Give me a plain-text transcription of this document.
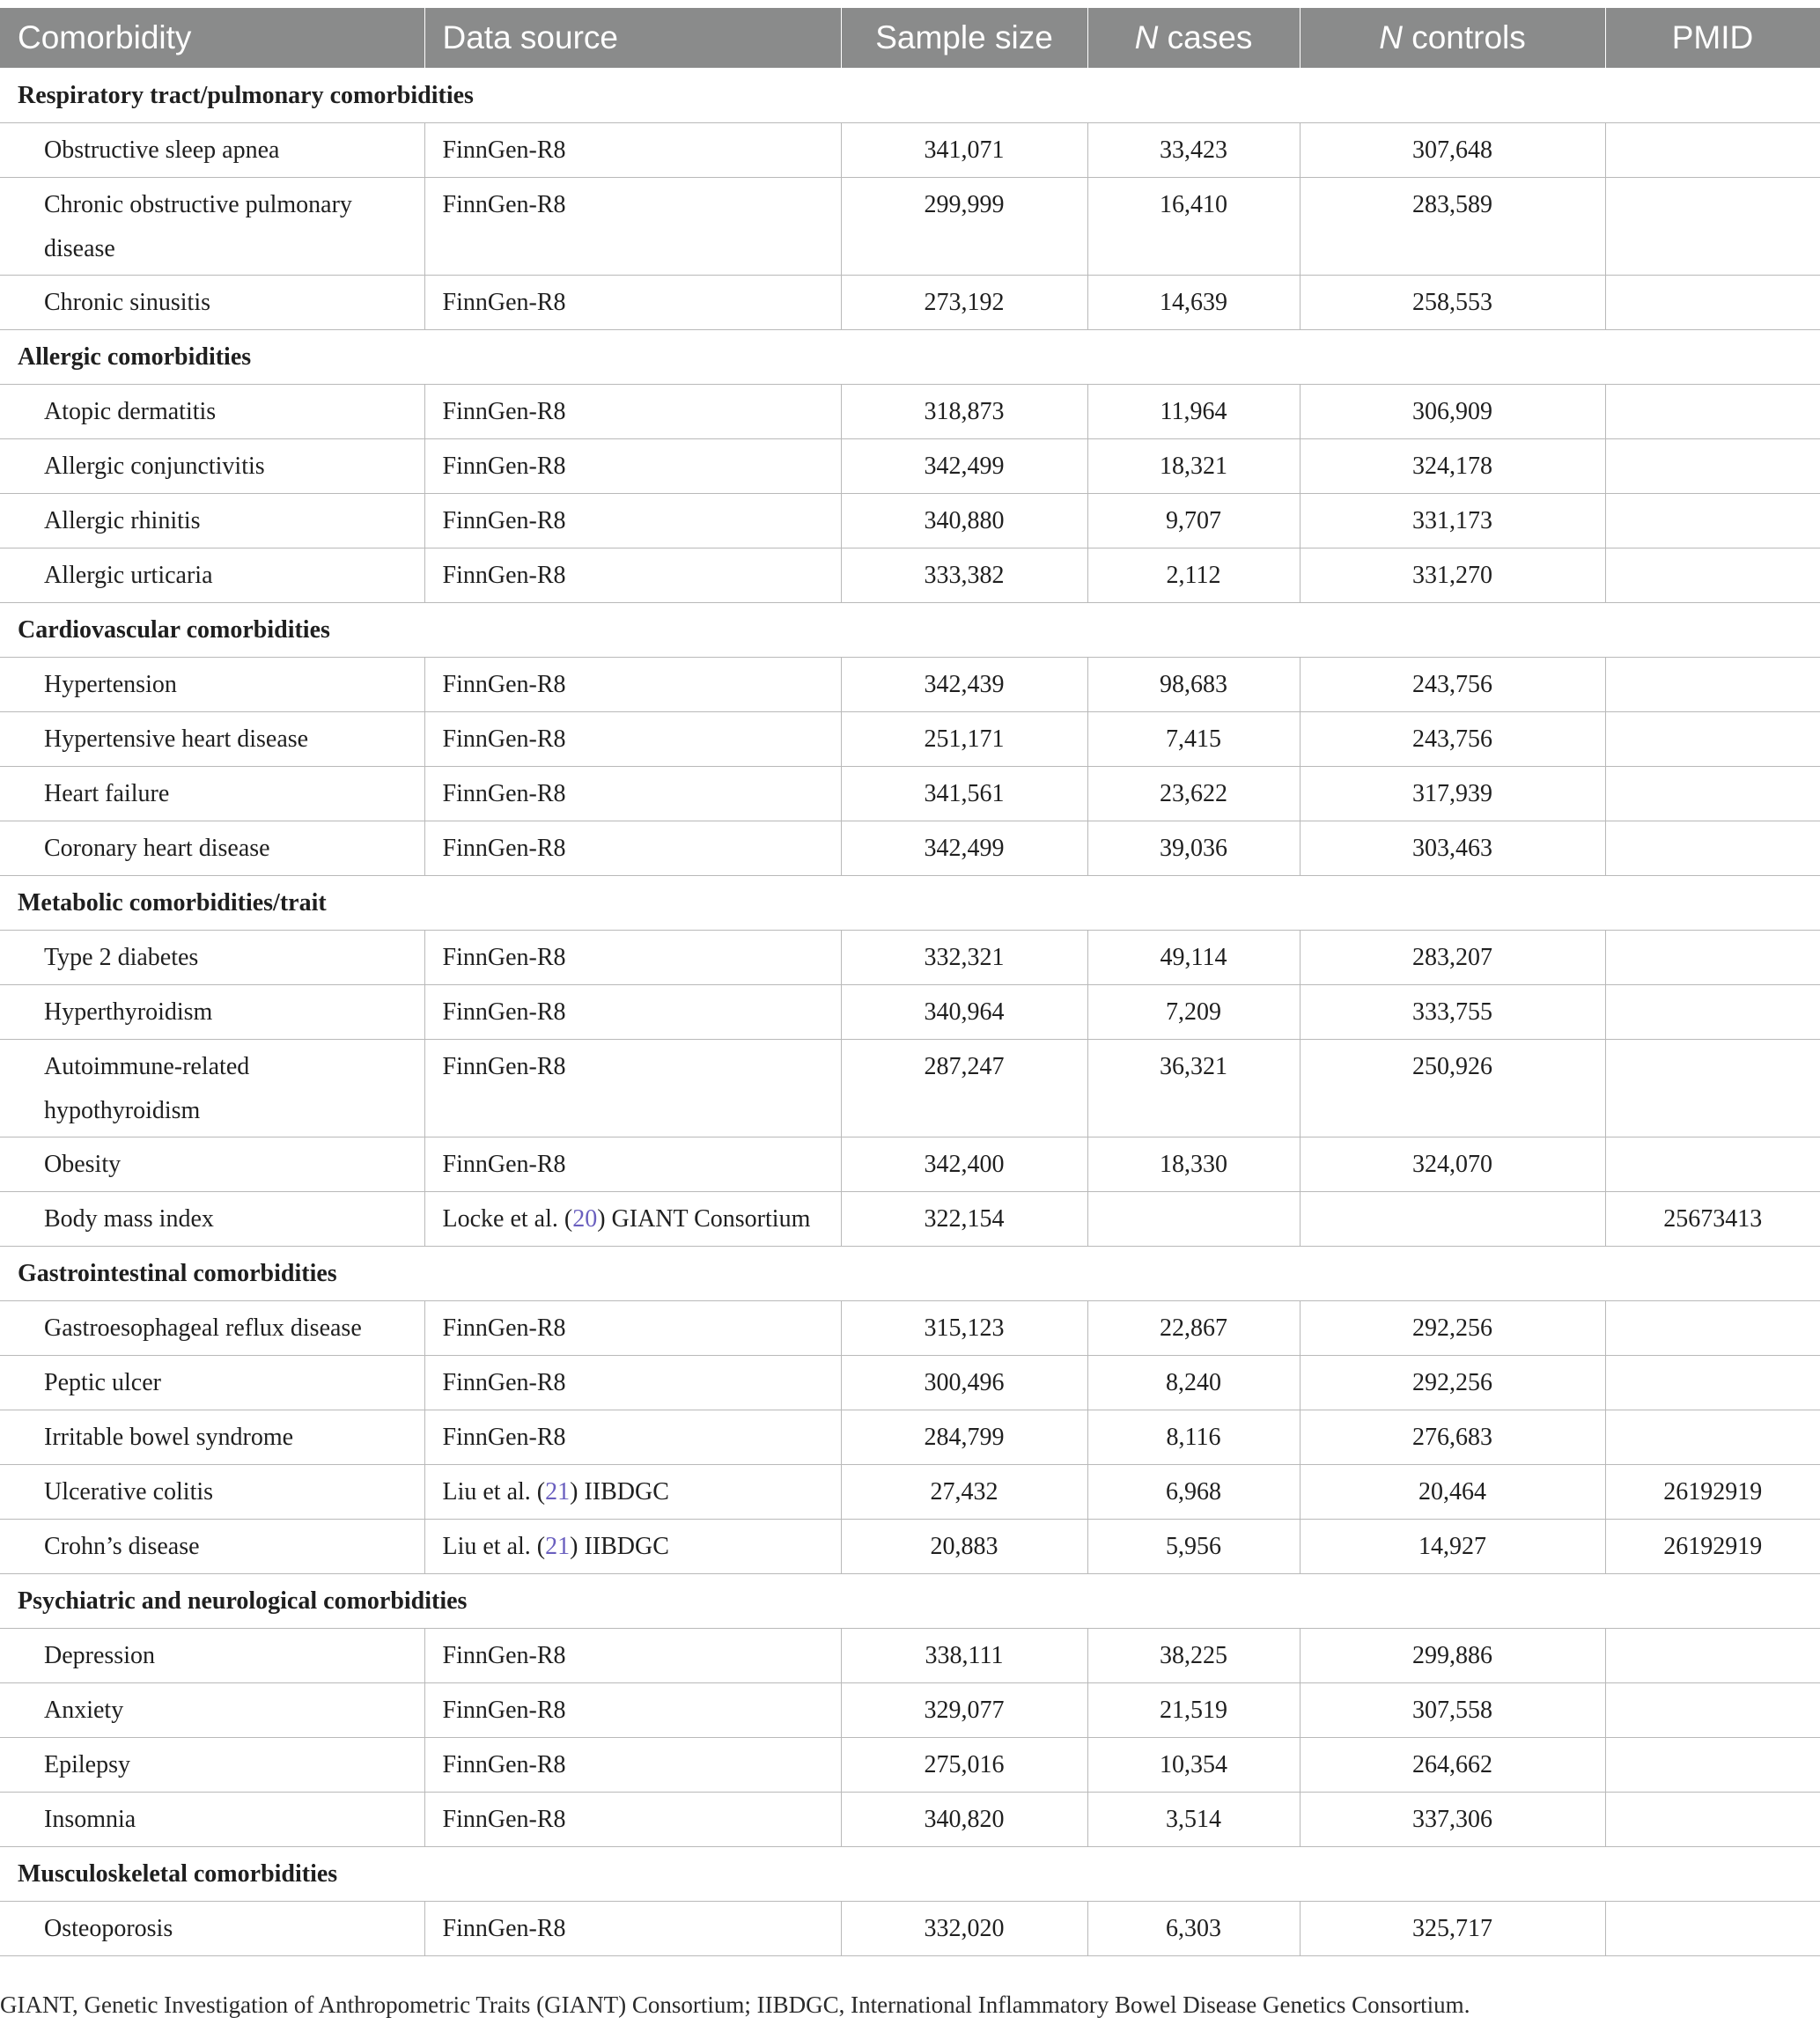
Comorbidity	Data source	Sample size	N cases	N controls	PMID

Respiratory tract/pulmonary comorbidities					

Obstructive sleep apnea	FinnGen-R8	341,071	33,423	307,648	

Chronic obstructive pulmonary disease	FinnGen-R8	299,999	16,410	283,589	

Chronic sinusitis	FinnGen-R8	273,192	14,639	258,553	

Allergic comorbidities					

Atopic dermatitis	FinnGen-R8	318,873	11,964	306,909	

Allergic conjunctivitis	FinnGen-R8	342,499	18,321	324,178	

Allergic rhinitis	FinnGen-R8	340,880	9,707	331,173	

Allergic urticaria	FinnGen-R8	333,382	2,112	331,270	

Cardiovascular comorbidities					

Hypertension	FinnGen-R8	342,439	98,683	243,756	

Hypertensive heart disease	FinnGen-R8	251,171	7,415	243,756	

Heart failure	FinnGen-R8	341,561	23,622	317,939	

Coronary heart disease	FinnGen-R8	342,499	39,036	303,463	

Metabolic comorbidities/trait					

Type 2 diabetes	FinnGen-R8	332,321	49,114	283,207	

Hyperthyroidism	FinnGen-R8	340,964	7,209	333,755	

Autoimmune-related hypothyroidism	FinnGen-R8	287,247	36,321	250,926	

Obesity	FinnGen-R8	342,400	18,330	324,070	

Body mass index	Locke et al. (20) GIANT Consortium	322,154			25673413

Gastrointestinal comorbidities					

Gastroesophageal reflux disease	FinnGen-R8	315,123	22,867	292,256	

Peptic ulcer	FinnGen-R8	300,496	8,240	292,256	

Irritable bowel syndrome	FinnGen-R8	284,799	8,116	276,683	

Ulcerative colitis	Liu et al. (21) IIBDGC	27,432	6,968	20,464	26192919

Crohn’s disease	Liu et al. (21) IIBDGC	20,883	5,956	14,927	26192919

Psychiatric and neurological comorbidities					

Depression	FinnGen-R8	338,111	38,225	299,886	

Anxiety	FinnGen-R8	329,077	21,519	307,558	

Epilepsy	FinnGen-R8	275,016	10,354	264,662	

Insomnia	FinnGen-R8	340,820	3,514	337,306	

Musculoskeletal comorbidities					

Osteoporosis	FinnGen-R8	332,020	6,303	325,717	

GIANT, Genetic Investigation of Anthropometric Traits (GIANT) Consortium; IIBDGC, International Inflammatory Bowel Disease Genetics Consortium.
